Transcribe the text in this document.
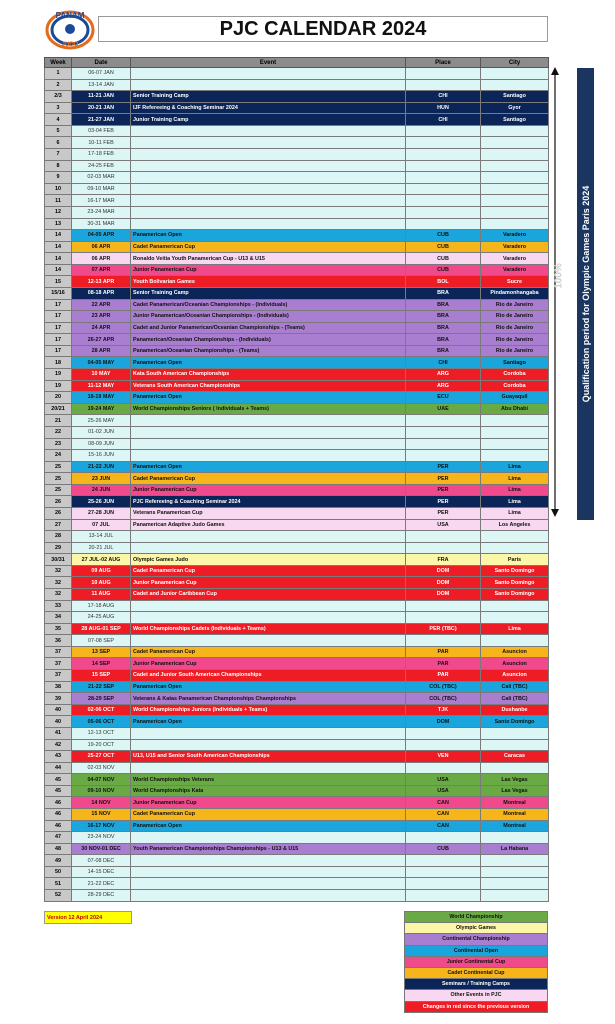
PANAM
JUDO
PJC CALENDAR 2024
Week	Date	Event	Place	City
1	06-07 JAN			
2	13-14 JAN			
2/3	11-21 JAN	Senior Training Camp	CHI	Santiago
3	20-21 JAN	IJF Refereeing & Coaching Seminar 2024	HUN	Gyor
4	21-27 JAN	Junior Training Camp	CHI	Santiago
5	03-04 FEB			
6	10-11 FEB			
7	17-18 FEB			
8	24-25 FEB			
9	02-03 MAR			
10	09-10 MAR			
11	16-17 MAR			
12	23-24 MAR			
13	30-31 MAR			
14	04-05 APR	Panamerican Open	CUB	Varadero
14	06 APR	Cadet Panamerican Cup	CUB	Varadero
14	06 APR	Ronaldo Veitia Youth Panamerican Cup - U13 & U15	CUB	Varadero
14	07 APR	Junior Panamerican Cup	CUB	Varadero
15	12-13 APR	Youth Bolivarian Games	BOL	Sucre
15/16	08-18 APR	Senior Training Camp	BRA	Pindamonhangaba
17	22 APR	Cadet Panamerican/Oceanian Championships - (Individuals)	BRA	Rio de Janeiro
17	23 APR	Junior Panamerican/Oceanian Championships - (Individuals)	BRA	Rio de Janeiro
17	24 APR	Cadet and Junior Panamerican/Oceanian Championships - (Teams)	BRA	Rio de Janeiro
17	26-27 APR	Panamerican/Oceanian Championships - (Individuals)	BRA	Rio de Janeiro
17	28 APR	Panamerican/Oceanian Championships - (Teams)	BRA	Rio de Janeiro
18	04-05 MAY	Panamerican Open	CHI	Santiago
19	10 MAY	Kata South American Championships	ARG	Cordoba
19	11-12 MAY	Veterans South American Championships	ARG	Cordoba
20	18-19 MAY	Panamerican Open	ECU	Guayaquil
20/21	19-24 MAY	World Championships Seniors ( Individuals + Teams)	UAE	Abu Dhabi
21	25-26 MAY			
22	01-02 JUN			
23	08-09 JUN			
24	15-16 JUN			
25	21-22 JUN	Panamerican Open	PER	Lima
25	23 JUN	Cadet Panamerican Cup	PER	Lima
25	24 JUN	Junior Panamerican Cup	PER	Lima
26	25-26 JUN	PJC Refereeing & Coaching Seminar 2024	PER	Lima
26	27-28 JUN	Veterans Panamerican Cup	PER	Lima
27	07 JUL	Panamerican Adaptive Judo Games	USA	Los Angeles
28	13-14 JUL			
29	20-21 JUL			
30/31	27 JUL-02 AUG	Olympic Games Judo	FRA	Paris
32	09 AUG	Cadet Panamerican Cup	DOM	Santo Domingo
32	10 AUG	Junior Panamerican Cup	DOM	Santo Domingo
32	11 AUG	Cadet and Junior Caribbean Cup	DOM	Santo Domingo
33	17-18 AUG			
34	24-25 AUG			
35	28 AUG-01 SEP	World Championships Cadets (Individuals + Teams)	PER (TBC)	Lima
36	07-08 SEP			
37	13 SEP	Cadet Panamerican Cup	PAR	Asuncion
37	14 SEP	Junior Panamerican Cup	PAR	Asuncion
37	15 SEP	Cadet and Junior South American Championships	PAR	Asuncion
38	21-22 SEP	Panamerican Open	COL (TBC)	Cali (TBC)
39	28-29 SEP	Veterans & Katas Panamerican Championships Championships	COL (TBC)	Cali (TBC)
40	02-06 OCT	World Championships Juniors (Individuals + Teams)	TJK	Dushanbe
40	05-06 OCT	Panamerican Open	DOM	Santo Domingo
41	12-13 OCT			
42	19-20 OCT			
43	25-27 OCT	U13, U15 and Senior South American Championships	VEN	Caracas
44	02-03 NOV			
45	04-07 NOV	World Championships Veterans	USA	Las Vegas
45	09-10 NOV	World Championships Kata	USA	Las Vegas
46	14 NOV	Junior Panamerican Cup	CAN	Montreal
46	15 NOV	Cadet Panamerican Cup	CAN	Montreal
46	16-17 NOV	Panamerican Open	CAN	Montreal
47	23-24 NOV			
48	30 NOV-01 DEC	Youth Panamerican Championships Championships - U13 & U15	CUB	La Habana
49	07-08 DEC			
50	14-15 DEC			
51	21-22 DEC			
52	28-29 DEC			
100% Qualification period for Olympic Games Paris 2024
Version 12 April 2024	World Championship
Olympic Games
Continental Championship
Continental Open
Junior Continental Cup
Cadet Continental Cup
Seminars / Training Camps
Other Events in PJC
Changes in red since the previous version
